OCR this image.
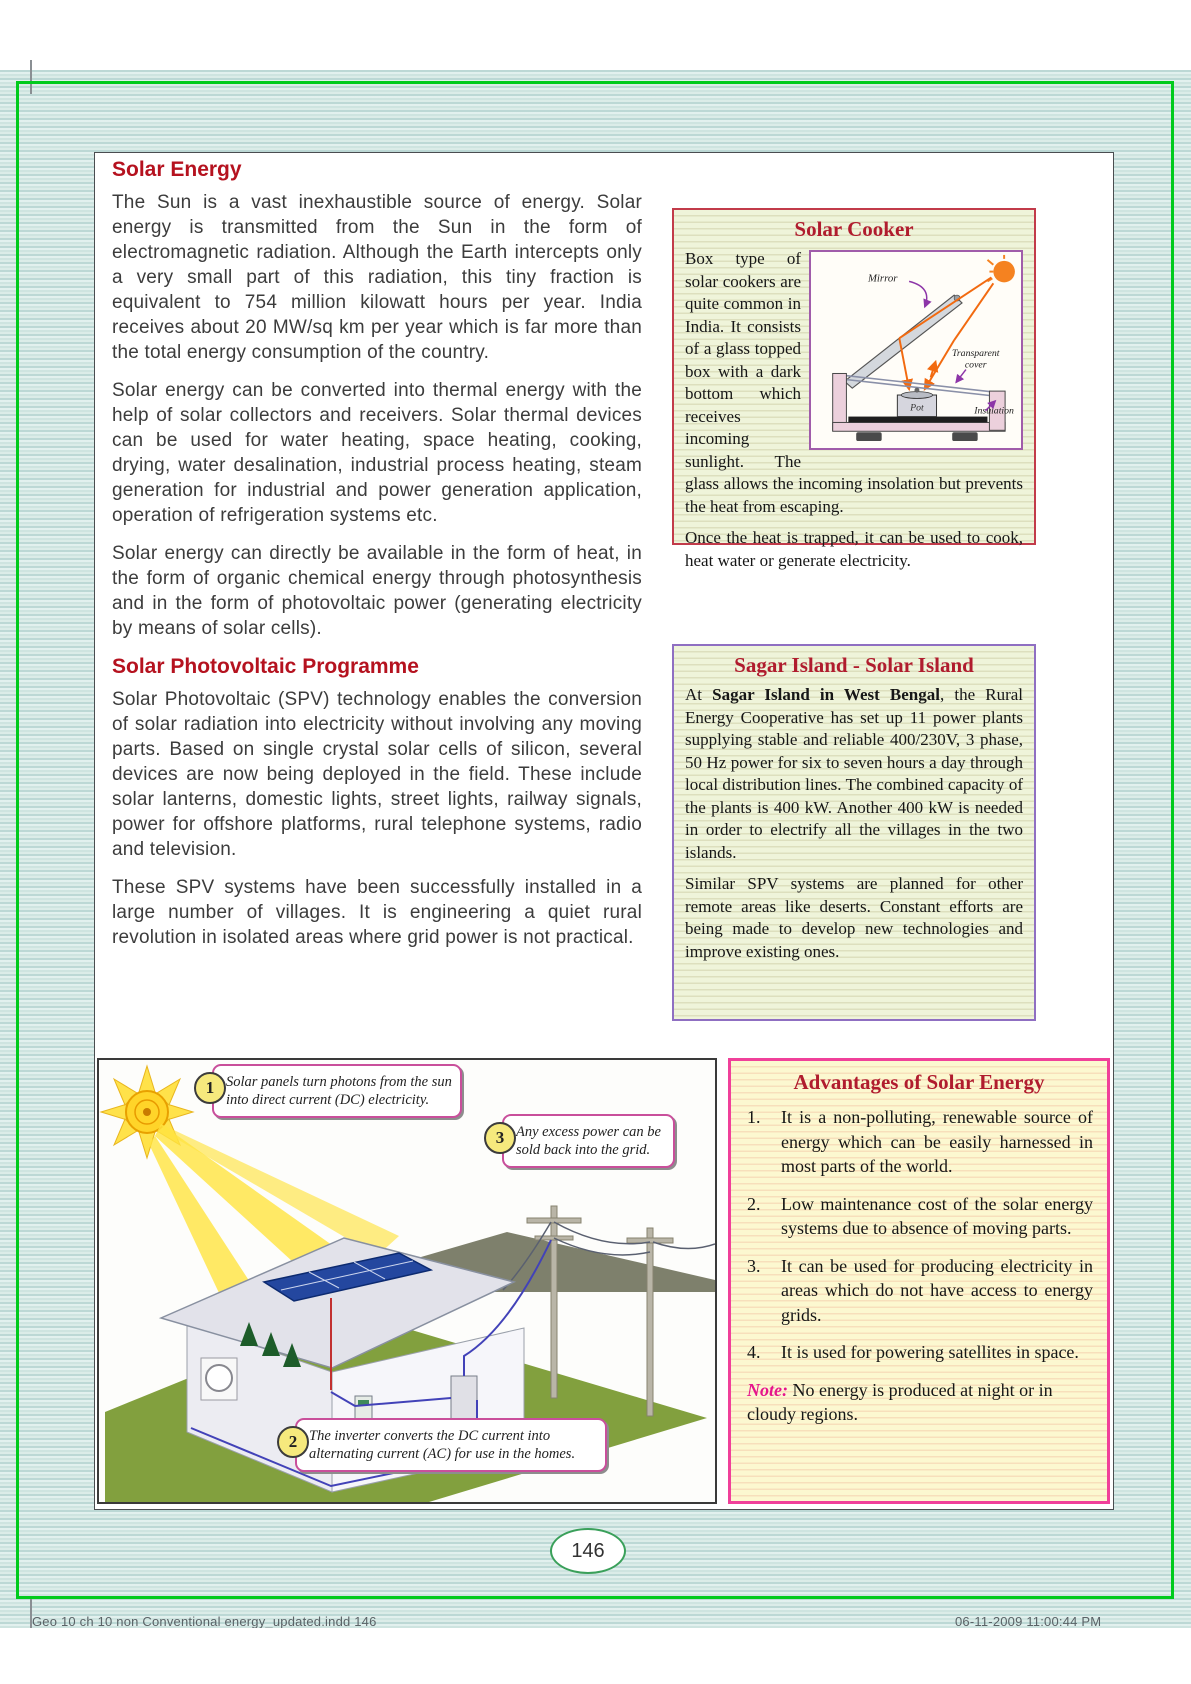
Geo 10 ch 10 non Conventional energy_updated.indd 146	06-11-2009 11:00:44 PM
Solar Energy

The Sun is a vast inexhaustible source of energy. Solar energy is transmitted from the Sun in the form of electromagnetic radiation. Although the Earth intercepts only a very small part of this radiation, this tiny fraction is equivalent to 754 million kilowatt hours per year. India receives about 20 MW/sq km per year which is far more than the total energy consumption of the country.

Solar energy can be converted into thermal energy with the help of solar collectors and receivers. Solar thermal devices can be used for water heating, space heating, cooking, drying, water desalination, industrial process heating, steam generation for industrial and power generation application, operation of refrigeration systems etc.

Solar energy can directly be available in the form of heat, in the form of organic chemical energy through photosynthesis and in the form of photovoltaic power (generating electricity by means of solar cells).

Solar Photovoltaic Programme

Solar Photovoltaic (SPV) technology enables the conversion of solar radiation into electricity without involving any moving parts. Based on single crystal solar cells of silicon, several devices are now being deployed in the field. These include solar lanterns, domestic lights, street lights, railway signals, power for offshore platforms, rural telephone systems, radio and television.

These SPV systems have been successfully installed in a large number of villages. It is engineering a quiet rural revolution in isolated areas where grid power is not practical.

Solar Cooker
Mirror
Pot
Transparent
cover
Insulation
Box type of solar cookers are quite common in India. It consists of a glass topped box with a dark bottom which receives incoming sunlight. The glass allows the incoming insolation but prevents the heat from escaping.

Once the heat is trapped, it can be used to cook, heat water or generate electricity.

Sagar Island - Solar Island

At Sagar Island in West Bengal, the Rural Energy Cooperative has set up 11 power plants supplying stable and reliable 400/230V, 3 phase, 50 Hz power for six to seven hours a day through local distribution lines. The combined capacity of the plants is 400 kW. Another 400 kW is needed in order to electrify all the villages in the two islands.

Similar SPV systems are planned for other remote areas like deserts. Constant efforts are being made to develop new technologies and improve existing ones.

1 Solar panels turn photons from the sun into direct current (DC) electricity.
3 Any excess power can be sold back into the grid.
2 The inverter converts the DC current into alternating current (AC) for use in the homes.
Advantages of Solar Energy
1.	It is a non-polluting, renewable source of energy which can be easily harnessed in most parts of the world.
2.	Low maintenance cost of the solar energy systems due to absence of moving parts.
3.	It can be used for producing electricity in areas which do not have access to energy grids.
4.	It is used for powering satellites in space.
Note: No energy is produced at night or in cloudy regions.
146
